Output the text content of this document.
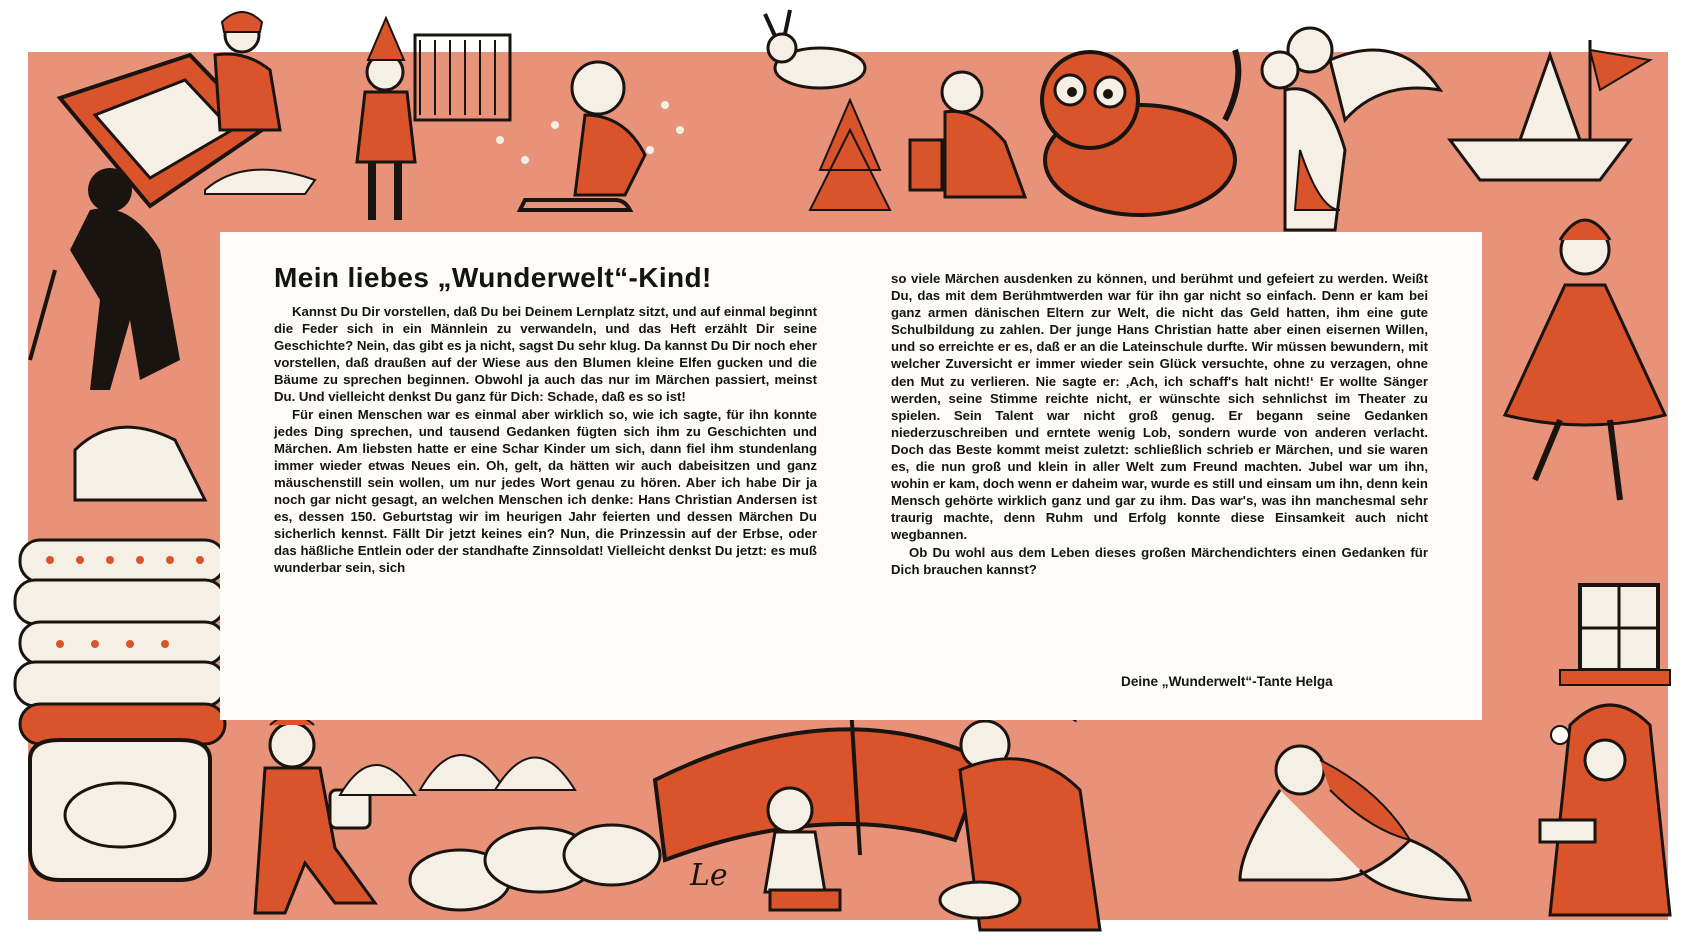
Le
Mein liebes „Wunderwelt“-Kind!

Kannst Du Dir vorstellen, daß Du bei Deinem Lernplatz sitzt, und auf einmal beginnt die Feder sich in ein Männlein zu verwandeln, und das Heft erzählt Dir seine Geschichte? Nein, das gibt es ja nicht, sagst Du sehr klug. Da kannst Du Dir noch eher vorstellen, daß draußen auf der Wiese aus den Blumen kleine Elfen gucken und die Bäume zu sprechen beginnen. Obwohl ja auch das nur im Märchen passiert, meinst Du. Und vielleicht denkst Du ganz für Dich: Schade, daß es so ist!

Für einen Menschen war es einmal aber wirklich so, wie ich sagte, für ihn konnte jedes Ding sprechen, und tausend Gedanken fügten sich ihm zu Geschichten und Märchen. Am liebsten hatte er eine Schar Kinder um sich, dann fiel ihm stundenlang immer wieder etwas Neues ein. Oh, gelt, da hätten wir auch dabeisitzen und ganz mäuschenstill sein wollen, um nur jedes Wort genau zu hören. Aber ich habe Dir ja noch gar nicht gesagt, an welchen Menschen ich denke: Hans Christian Andersen ist es, dessen 150. Geburtstag wir im heurigen Jahr feierten und dessen Märchen Du sicherlich kennst. Fällt Dir jetzt keines ein? Nun, die Prinzessin auf der Erbse, oder das häßliche Entlein oder der standhafte Zinnsoldat! Vielleicht denkst Du jetzt: es muß wunderbar sein, sich

so viele Märchen ausdenken zu können, und berühmt und gefeiert zu werden. Weißt Du, das mit dem Berühmtwerden war für ihn gar nicht so einfach. Denn er kam bei ganz armen dänischen Eltern zur Welt, die nicht das Geld hatten, ihm eine gute Schulbildung zu zahlen. Der junge Hans Christian hatte aber einen eisernen Willen, und so erreichte er es, daß er an die Lateinschule durfte. Wir müssen bewundern, mit welcher Zuversicht er immer wieder sein Glück versuchte, ohne zu verzagen, ohne den Mut zu verlieren. Nie sagte er: ‚Ach, ich schaff's halt nicht!‘ Er wollte Sänger werden, seine Stimme reichte nicht, er wünschte sich sehnlichst im Theater zu spielen. Sein Talent war nicht groß genug. Er begann seine Gedanken niederzuschreiben und erntete wenig Lob, sondern wurde von anderen verlacht. Doch das Beste kommt meist zuletzt: schließlich schrieb er Märchen, und sie waren es, die nun groß und klein in aller Welt zum Freund machten. Jubel war um ihn, wohin er kam, doch wenn er daheim war, wurde es still und einsam um ihn, denn kein Mensch gehörte wirklich ganz und gar zu ihm. Das war's, was ihn manchesmal sehr traurig machte, denn Ruhm und Erfolg konnte diese Einsamkeit auch nicht wegbannen.

Ob Du wohl aus dem Leben dieses großen Märchendichters einen Gedanken für Dich brauchen kannst?

Deine „Wunderwelt“-Tante Helga
